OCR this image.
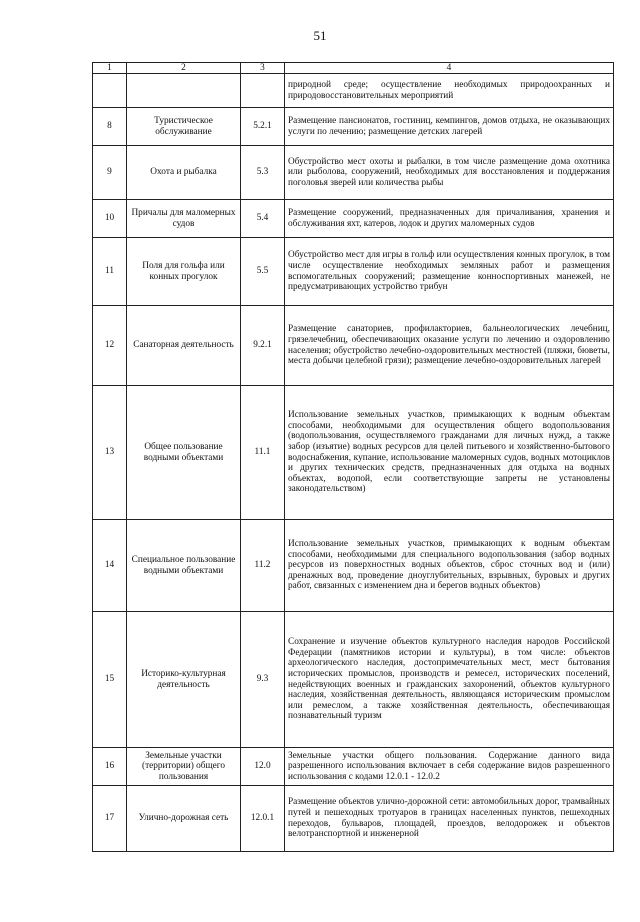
51
1	2	3	4
			природной среде; осуществление необходимых природоохранных и природовосстановительных мероприятий
8	Туристическое обслуживание	5.2.1	Размещение пансионатов, гостиниц, кемпингов, домов отдыха, не оказывающих услуги по лечению; размещение детских лагерей
9	Охота и рыбалка	5.3	Обустройство мест охоты и рыбалки, в том числе размещение дома охотника или рыболова, сооружений, необходимых для восстановления и поддержания поголовья зверей или количества рыбы
10	Причалы для маломерных судов	5.4	Размещение сооружений, предназначенных для причаливания, хранения и обслуживания яхт, катеров, лодок и других маломерных судов
11	Поля для гольфа или конных прогулок	5.5	Обустройство мест для игры в гольф или осуществления конных прогулок, в том числе осуществление необходимых земляных работ и размещения вспомогательных сооружений; размещение конноспортивных манежей, не предусматривающих устройство трибун
12	Санаторная деятельность	9.2.1	Размещение санаториев, профилакториев, бальнеологических лечебниц, грязелечебниц, обеспечивающих оказание услуги по лечению и оздоровлению населения; обустройство лечебно-оздоровительных местностей (пляжи, бюветы, места добычи целебной грязи); размещение лечебно-оздоровительных лагерей
13	Общее пользование водными объектами	11.1	Использование земельных участков, примыкающих к водным объектам способами, необходимыми для осуществления общего водопользования (водопользования, осуществляемого гражданами для личных нужд, а также забор (изъятие) водных ресурсов для целей питьевого и хозяйственно-бытового водоснабжения, купание, использование маломерных судов, водных мотоциклов и других технических средств, предназначенных для отдыха на водных объектах, водопой, если соответствующие запреты не установлены законодательством)
14	Специальное пользование водными объектами	11.2	Использование земельных участков, примыкающих к водным объектам способами, необходимыми для специального водопользования (забор водных ресурсов из поверхностных водных объектов, сброс сточных вод и (или) дренажных вод, проведение дноуглубительных, взрывных, буровых и других работ, связанных с изменением дна и берегов водных объектов)
15	Историко-культурная деятельность	9.3	Сохранение и изучение объектов культурного наследия народов Российской Федерации (памятников истории и культуры), в том числе: объектов археологического наследия, достопримечательных мест, мест бытования исторических промыслов, производств и ремесел, исторических поселений, недействующих военных и гражданских захоронений, объектов культурного наследия, хозяйственная деятельность, являющаяся историческим промыслом или ремеслом, а также хозяйственная деятельность, обеспечивающая познавательный туризм
16	Земельные участки (территории) общего пользования	12.0	Земельные участки общего пользования. Содержание данного вида разрешенного использования включает в себя содержание видов разрешенного использования с кодами 12.0.1 - 12.0.2
17	Улично-дорожная сеть	12.0.1	Размещение объектов улично-дорожной сети: автомобильных дорог, трамвайных путей и пешеходных тротуаров в границах населенных пунктов, пешеходных переходов, бульваров, площадей, проездов, велодорожек и объектов велотранспортной и инженерной
